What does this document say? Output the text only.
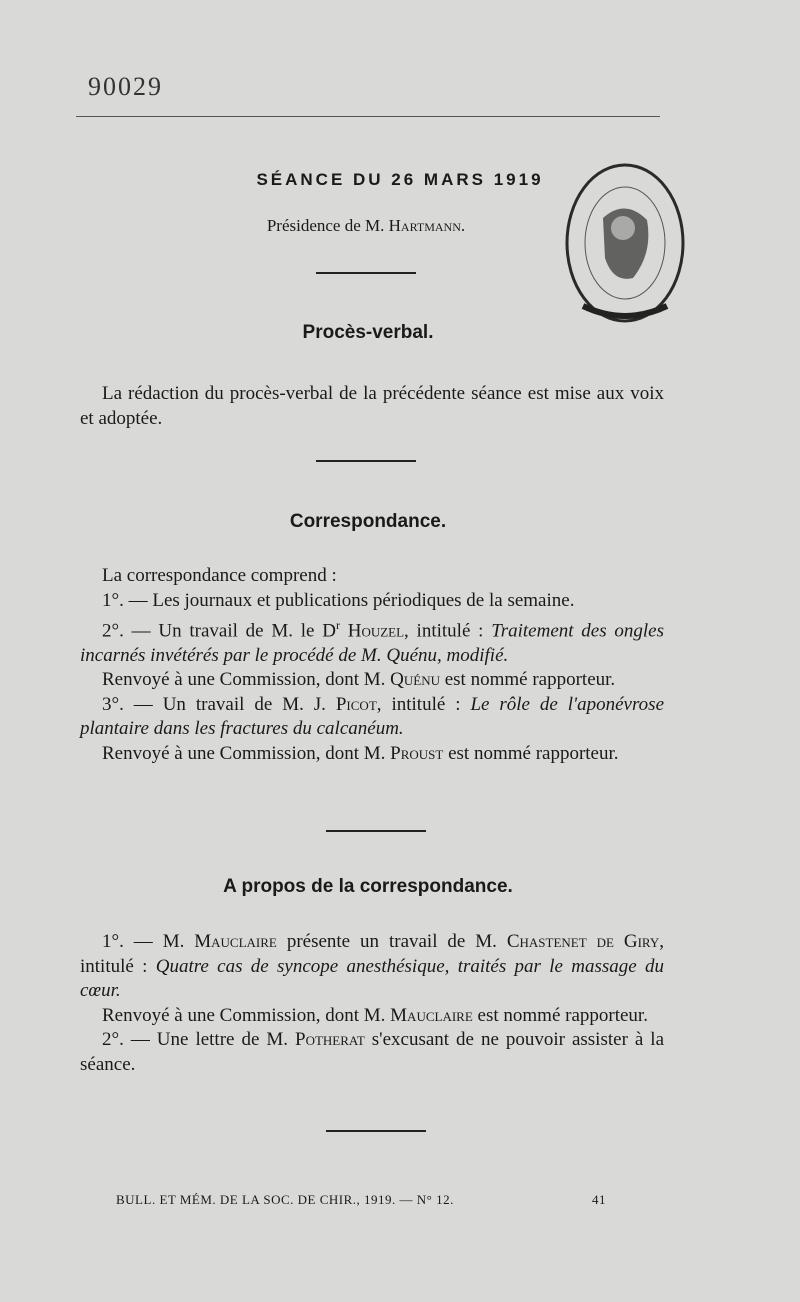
90029
SÉANCE DU 26 MARS 1919
Présidence de M. Hartmann.
Procès-verbal.

La rédaction du procès-verbal de la précédente séance est mise aux voix et adoptée.

Correspondance.

La correspondance comprend :

1°. — Les journaux et publications périodiques de la semaine.

2°. — Un travail de M. le $D^r$ Houzel, intitulé : Traitement des ongles incarnés invétérés par le procédé de M. Quénu, modifié.

Renvoyé à une Commission, dont M. Quénu est nommé rapporteur.

3°. — Un travail de M. J. Picot, intitulé : Le rôle de l'aponévrose plantaire dans les fractures du calcanéum.

Renvoyé à une Commission, dont M. Proust est nommé rapporteur.

A propos de la correspondance.

1°. — M. Mauclaire présente un travail de M. Chastenet de Giry, intitulé : Quatre cas de syncope anesthésique, traités par le massage du cœur.

Renvoyé à une Commission, dont M. Mauclaire est nommé rapporteur.

2°. — Une lettre de M. Potherat s'excusant de ne pouvoir assister à la séance.

BULL. ET MÉM. DE LA SOC. DE CHIR., 1919. — N° 12.	41
